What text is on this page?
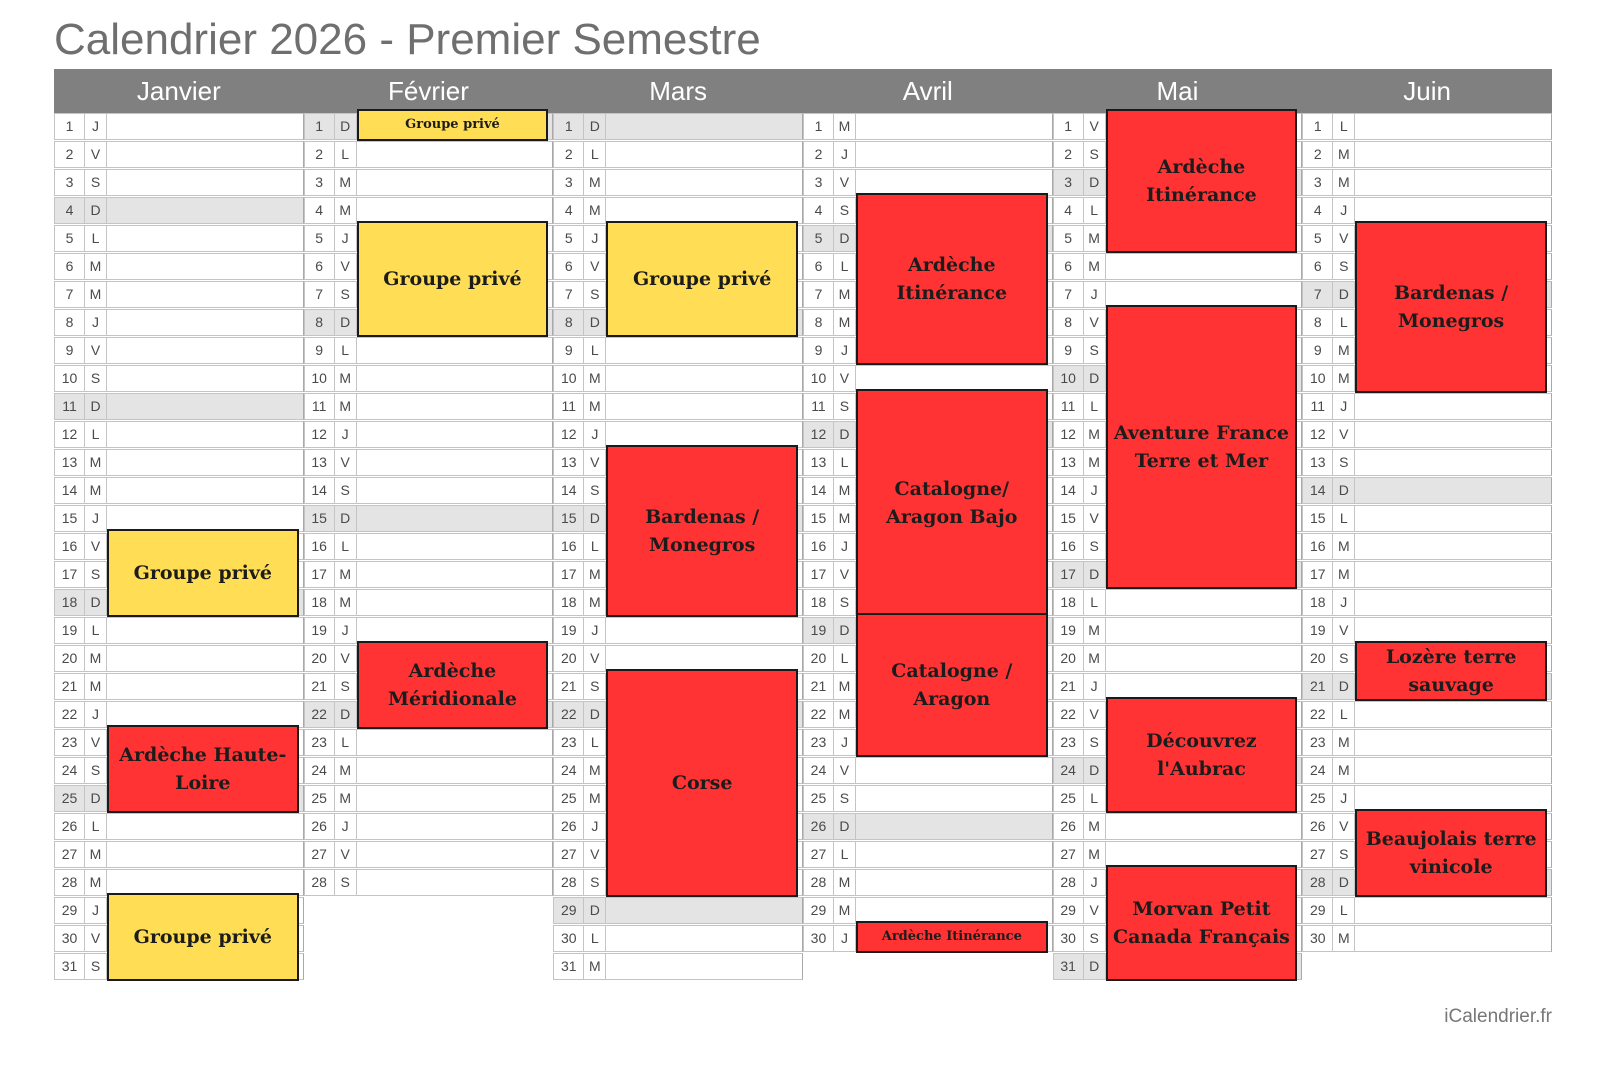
Calendrier 2026 - Premier Semestre
Janvier	Février	Mars	Avril	Mai	Juin
1	J
2	V
3	S
4	D
5	L
6	M
7	M
8	J
9	V
10 S
11 D
12	L
13 M
14 M
15	J
16 V
17 S
18 D
19	L
20 M
21 M
22	J
23 V
24 S
25 D
26	L
27 M
28 M
29	J
30 V
31 S
1	D
2	L
3	M
4	M
5	J
6	V
7	S
8	D
9	L
10 M
11 M
12	J
13 V
14 S
15 D
16	L
17 M
18 M
19	J
20 V
21 S
22 D
23	L
24 M
25 M
26	J
27 V
28 S
1	D
2	L
3	M
4	M
5	J
6	V
7	S
8	D
9	L
10 M
11 M
12	J
13 V
14 S
15 D
16	L
17 M
18 M
19	J
20 V
21 S
22 D
23	L
24 M
25 M
26	J
27 V
28 S
29 D
30	L
31 M
1	M
2	J
3	V
4	S
5	D
6	L
7	M
8	M
9	J
10 V
11	S
12 D
13	L
14 M
15 M
16	J
17 V
18 S
19 D
20	L
21 M
22 M
23	J
24 V
25 S
26 D
27	L
28 M
29 M
30	J
1	V
2	S
3	D
4	L
5	M
6	M
7	J
8	V
9	S
10 D
11	L
12 M
13 M
14	J
15 V
16 S
17 D
18	L
19 M
20 M
21	J
22 V
23 S
24 D
25	L
26 M
27 M
28	J
29 V
30 S
31 D
1	L
2	M
3	M
4	J
5	V
6	S
7	D
8	L
9	M
10 M
11	J
12 V
13 S
14 D
15	L
16 M
17 M
18	J
19 V
20 S
21 D
22	L
23 M
24 M
25	J
26 V
27 S
28 D
29	L
30 M
Groupe privé
Ardèche Haute-Loire
Groupe privé
Groupe privé
Groupe privé
Ardèche Méridionale
Groupe privé
Bardenas / Monegros
Corse
Ardèche Itinérance
Catalogne/ Aragon Bajo
Catalogne / Aragon
Ardèche Itinérance
Ardèche Itinérance
Aventure France Terre et Mer
Découvrez l'Aubrac
Morvan Petit Canada Français
Bardenas / Monegros
Lozère terre sauvage
Beaujolais terre vinicole
iCalendrier.fr
